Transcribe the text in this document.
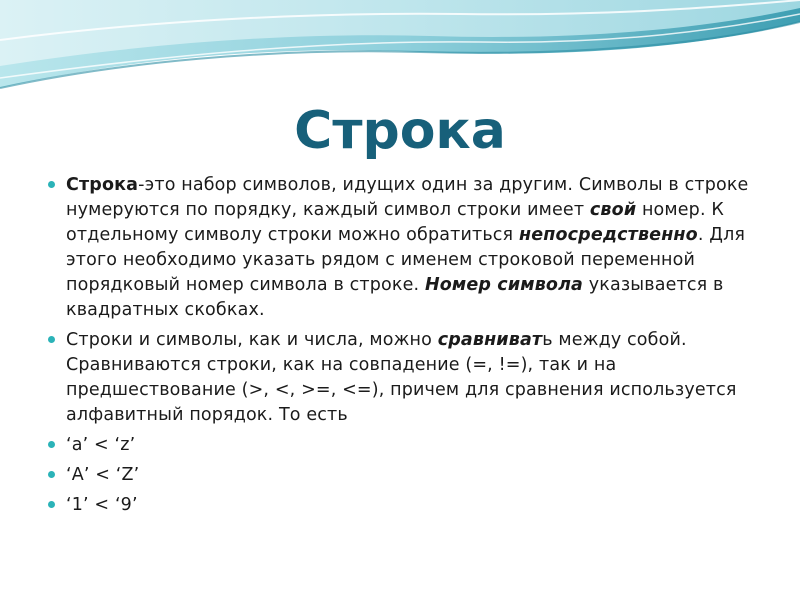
Строка
Строка-это набор символов, идущих один за другим. Символы в строке нумеруются по порядку, каждый символ строки имеет свой номер. К отдельному символу строки можно обратиться непосредственно. Для этого необходимо указать рядом с именем строковой переменной порядковый номер символа в строке. Номер символа указывается в квадратных скобках.
Строки и символы, как и числа, можно сравнивать между собой. Сравниваются строки, как на совпадение (=, !=), так и на предшествование (>, <, >=, <=), причем для сравнения используется алфавитный порядок. То есть
‘a’ < ‘z’
‘A’ < ‘Z’
‘1’ < ‘9’
